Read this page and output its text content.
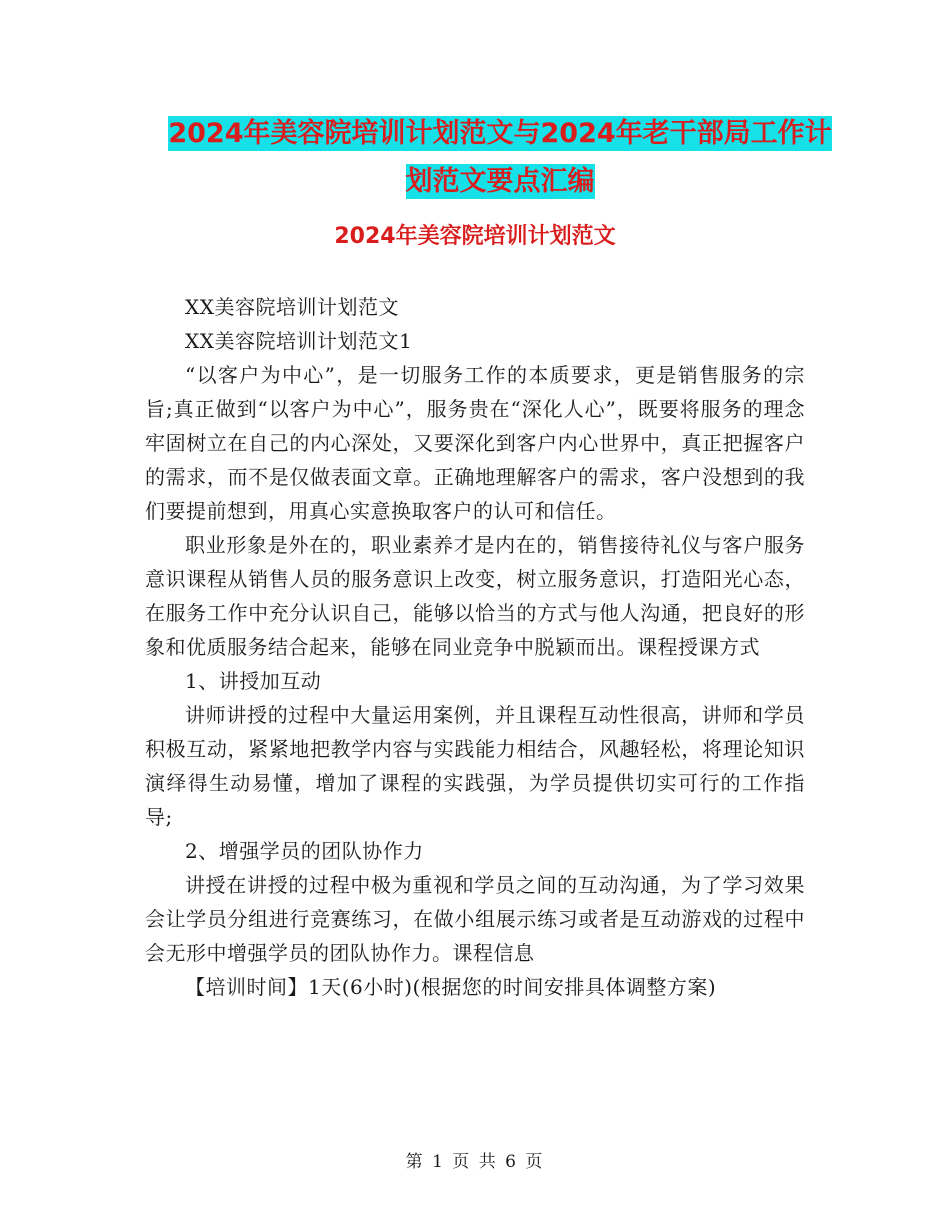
2024年美容院培训计划范文与2024年老干部局工作计
划范文要点汇编
2024年美容院培训计划范文

XX美容院培训计划范文

XX美容院培训计划范文1

“以客户为中心”，是一切服务工作的本质要求，更是销售服务的宗旨;真正做到“以客户为中心”，服务贵在“深化人心”，既要将服务的理念牢固树立在自己的内心深处，又要深化到客户内心世界中，真正把握客户的需求，而不是仅做表面文章。正确地理解客户的需求，客户没想到的我们要提前想到，用真心实意换取客户的认可和信任。

职业形象是外在的，职业素养才是内在的，销售接待礼仪与客户服务意识课程从销售人员的服务意识上改变，树立服务意识，打造阳光心态，在服务工作中充分认识自己，能够以恰当的方式与他人沟通，把良好的形象和优质服务结合起来，能够在同业竞争中脱颖而出。课程授课方式

1、讲授加互动

讲师讲授的过程中大量运用案例，并且课程互动性很高，讲师和学员积极互动，紧紧地把教学内容与实践能力相结合，风趣轻松，将理论知识演绎得生动易懂，增加了课程的实践强，为学员提供切实可行的工作指导;

2、增强学员的团队协作力

讲授在讲授的过程中极为重视和学员之间的互动沟通，为了学习效果会让学员分组进行竞赛练习，在做小组展示练习或者是互动游戏的过程中会无形中增强学员的团队协作力。课程信息

【培训时间】1天(6小时)(根据您的时间安排具体调整方案)

第 1 页 共 6 页
